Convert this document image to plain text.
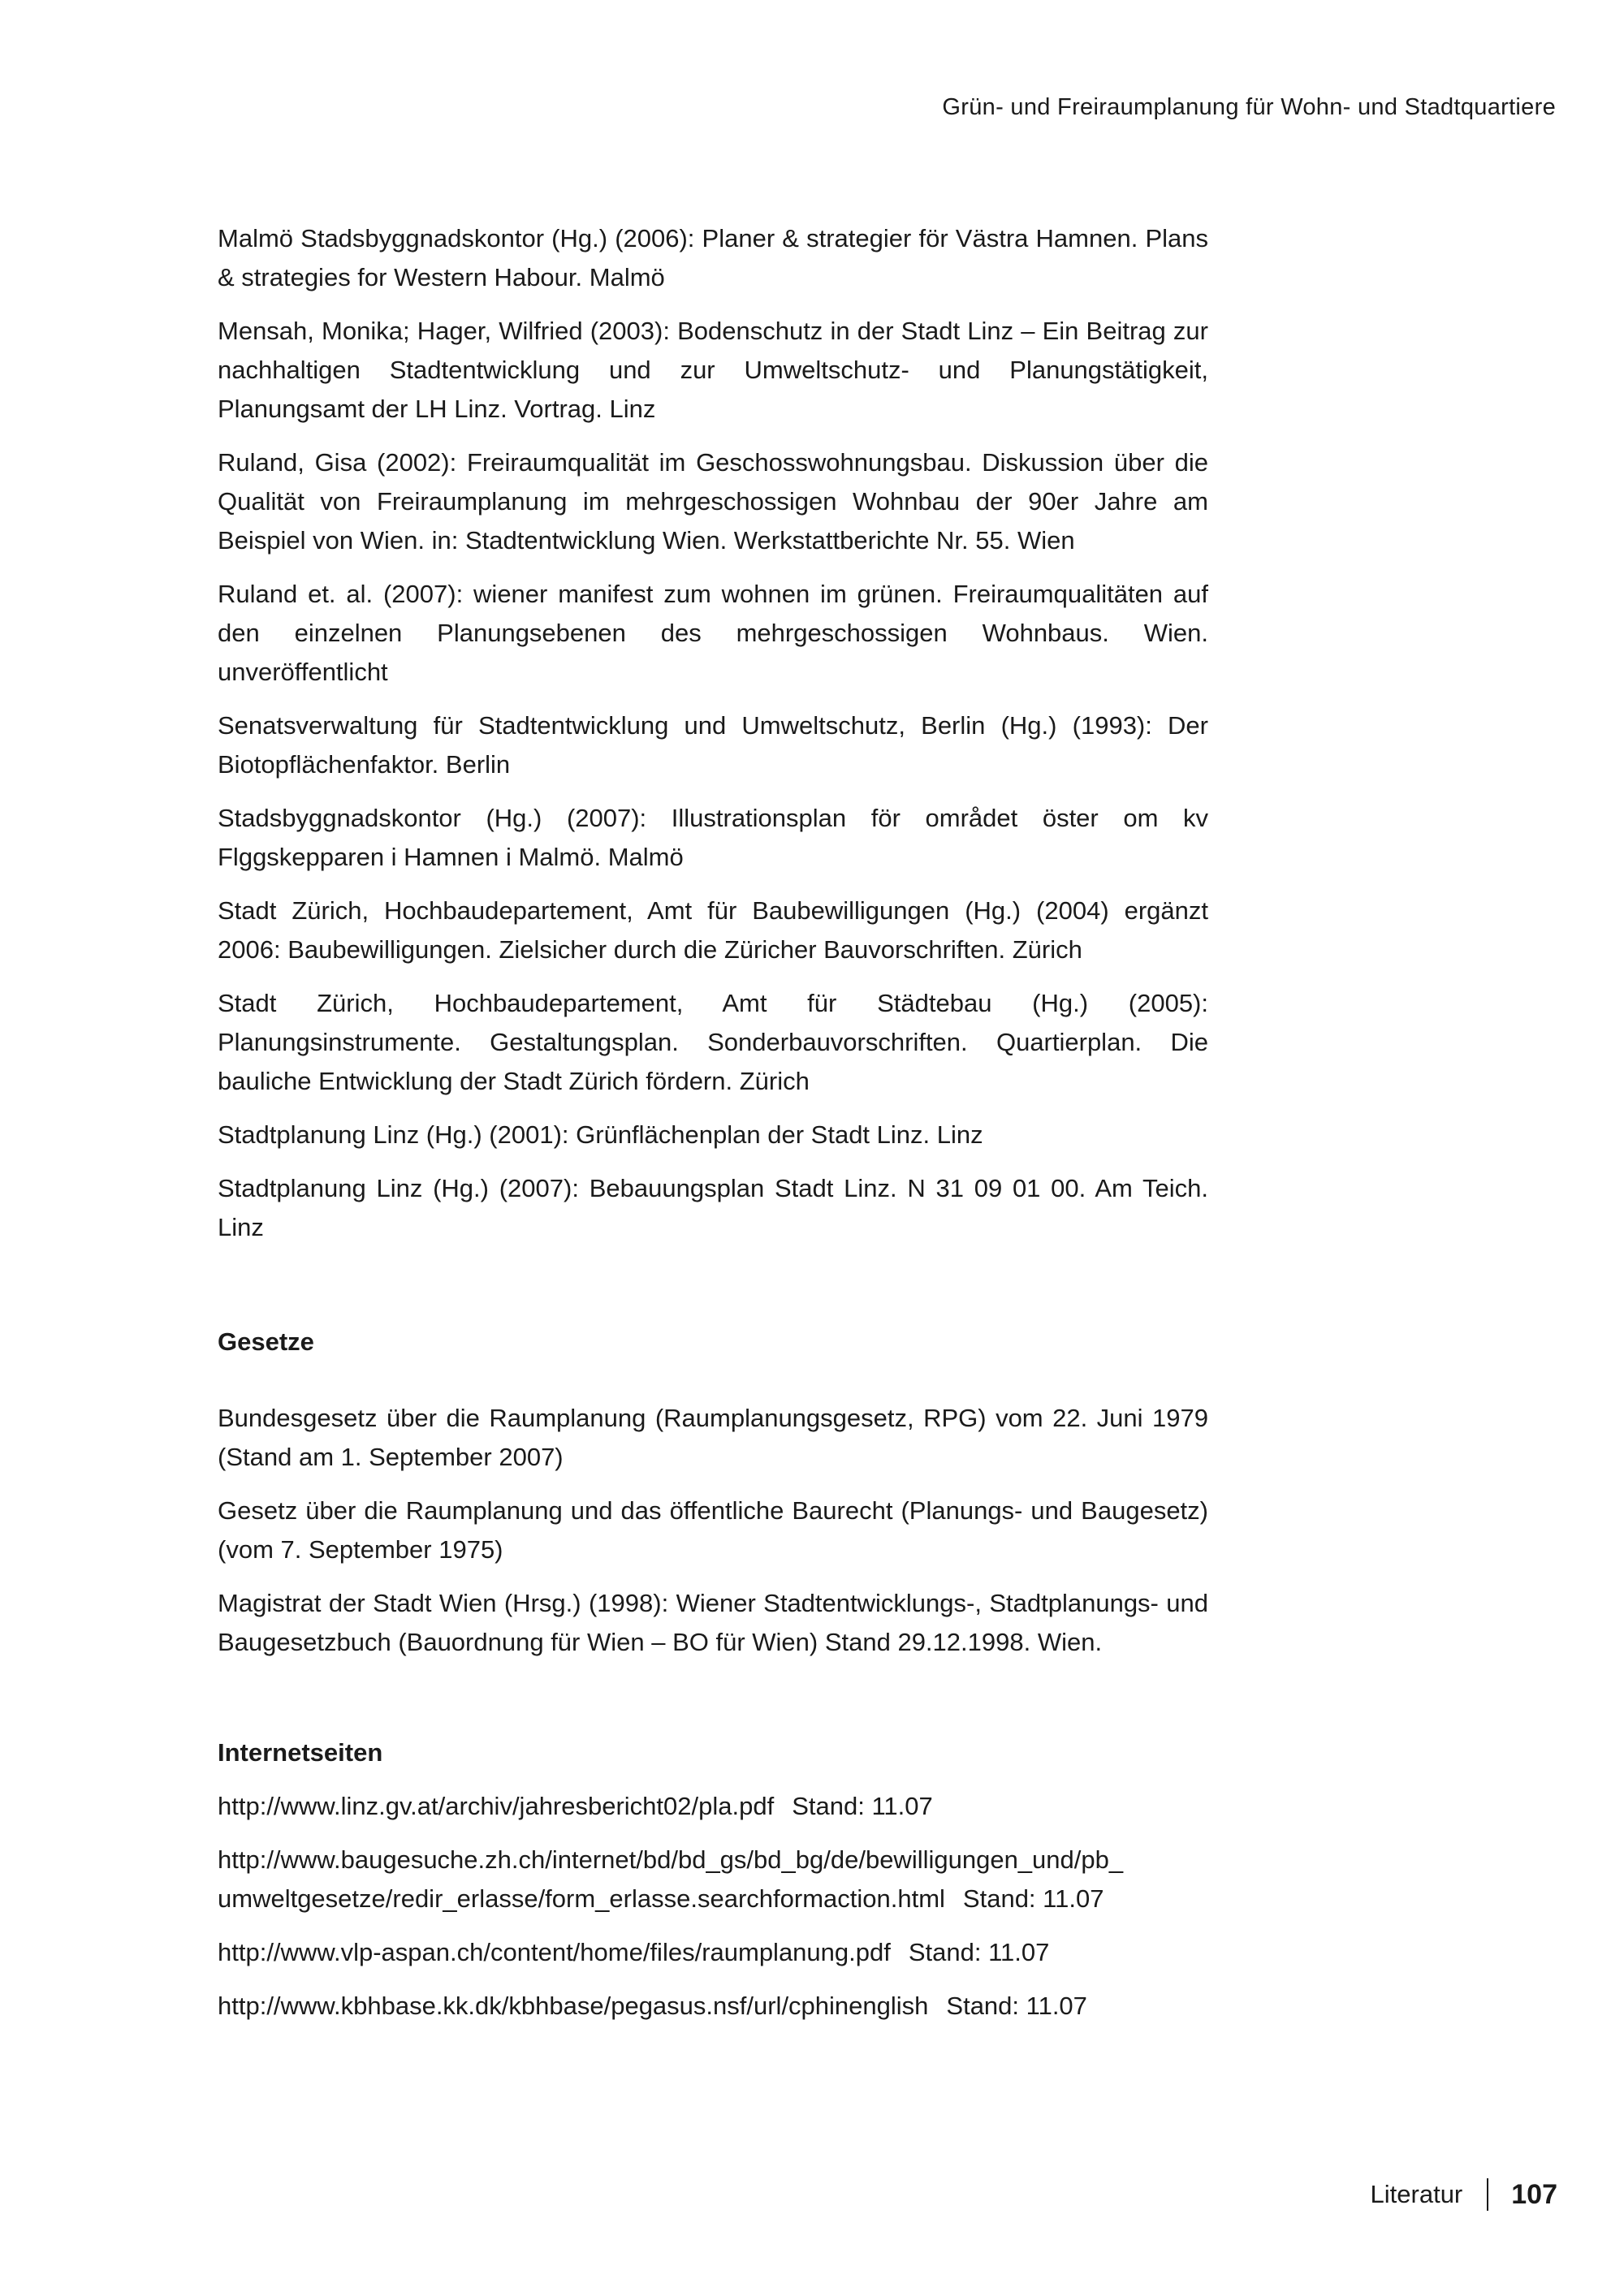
Grün- und Freiraumplanung für Wohn- und Stadtquartiere

Malmö Stadsbyggnadskontor (Hg.) (2006): Planer & strategier för Västra Hamnen. Plans & strategies for Western Habour. Malmö

Mensah, Monika; Hager, Wilfried (2003): Bodenschutz in der Stadt Linz – Ein Beitrag zur nachhaltigen Stadtentwicklung und zur Umweltschutz- und Planungstätigkeit, Planungsamt der LH Linz. Vortrag. Linz

Ruland, Gisa (2002): Freiraumqualität im Geschosswohnungsbau. Diskussion über die Qualität von Freiraumplanung im mehrgeschossigen Wohnbau der 90er Jahre am Beispiel von Wien. in: Stadtentwicklung Wien. Werkstattberichte Nr. 55. Wien

Ruland et. al. (2007): wiener manifest zum wohnen im grünen. Freiraumqualitäten auf den einzelnen Planungsebenen des mehrgeschossigen Wohnbaus. Wien. unveröffentlicht

Senatsverwaltung für Stadtentwicklung und Umweltschutz, Berlin (Hg.) (1993): Der Biotopflächenfaktor. Berlin

Stadsbyggnadskontor (Hg.) (2007): Illustrationsplan för området öster om kv Flggskepparen i Hamnen i Malmö. Malmö

Stadt Zürich, Hochbaudepartement, Amt für Baubewilligungen (Hg.) (2004) ergänzt 2006: Baubewilligungen. Zielsicher durch die Züricher Bauvorschriften. Zürich

Stadt Zürich, Hochbaudepartement, Amt für Städtebau (Hg.) (2005): Planungsinstrumente. Gestaltungsplan. Sonderbauvorschriften. Quartierplan. Die bauliche Entwicklung der Stadt Zürich fördern. Zürich

Stadtplanung Linz (Hg.) (2001): Grünflächenplan der Stadt Linz. Linz

Stadtplanung Linz (Hg.) (2007): Bebauungsplan Stadt Linz. N 31 09 01 00. Am Teich. Linz

Gesetze

Bundesgesetz über die Raumplanung (Raumplanungsgesetz, RPG) vom 22. Juni 1979 (Stand am 1. September 2007)

Gesetz über die Raumplanung und das öffentliche Baurecht (Planungs- und Baugesetz) (vom 7. September 1975)

Magistrat der Stadt Wien (Hrsg.) (1998): Wiener Stadtentwicklungs-, Stadtplanungs- und Baugesetzbuch (Bauordnung für Wien – BO für Wien) Stand 29.12.1998. Wien.

Internetseiten

http://www.linz.gv.at/archiv/jahresbericht02/pla.pdf Stand: 11.07

http://www.baugesuche.zh.ch/internet/bd/bd_gs/bd_bg/de/bewilligungen_und/pb_
umweltgesetze/redir_erlasse/form_erlasse.searchformaction.html Stand: 11.07

http://www.vlp-aspan.ch/content/home/files/raumplanung.pdf Stand: 11.07

http://www.kbhbase.kk.dk/kbhbase/pegasus.nsf/url/cphinenglish Stand: 11.07

Literatur 107
